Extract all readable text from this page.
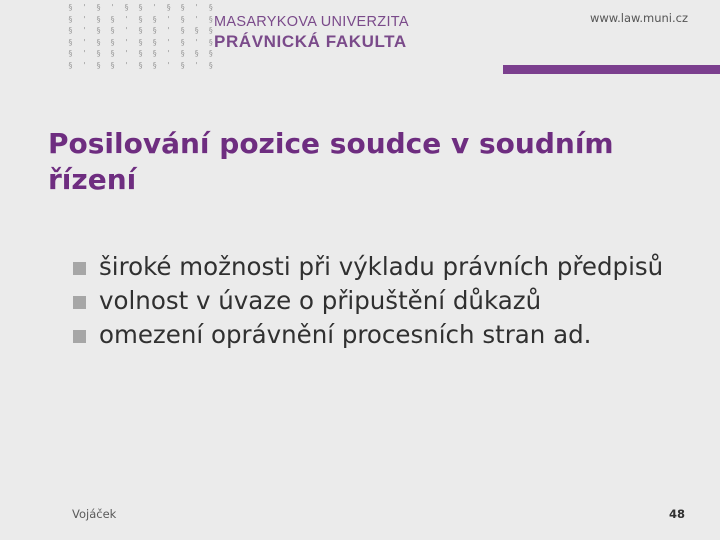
§ ' § ' § § ' § § ' §
§ ' § § ' § § ' § ' §
§ ' § § ' § § ' § § §
§ ' § § ' § § ' § ' §
§ ' § § ' § § ' § § §
§ ' § § ' § § ' § ' §
MASARYKOVA UNIVERZITA
PRÁVNICKÁ FAKULTA
www.law.muni.cz
Posilování pozice soudce v soudním řízení
široké možnosti při výkladu právních předpisů
volnost v úvaze o připuštění důkazů
omezení oprávnění procesních stran ad.
Vojáček	48
